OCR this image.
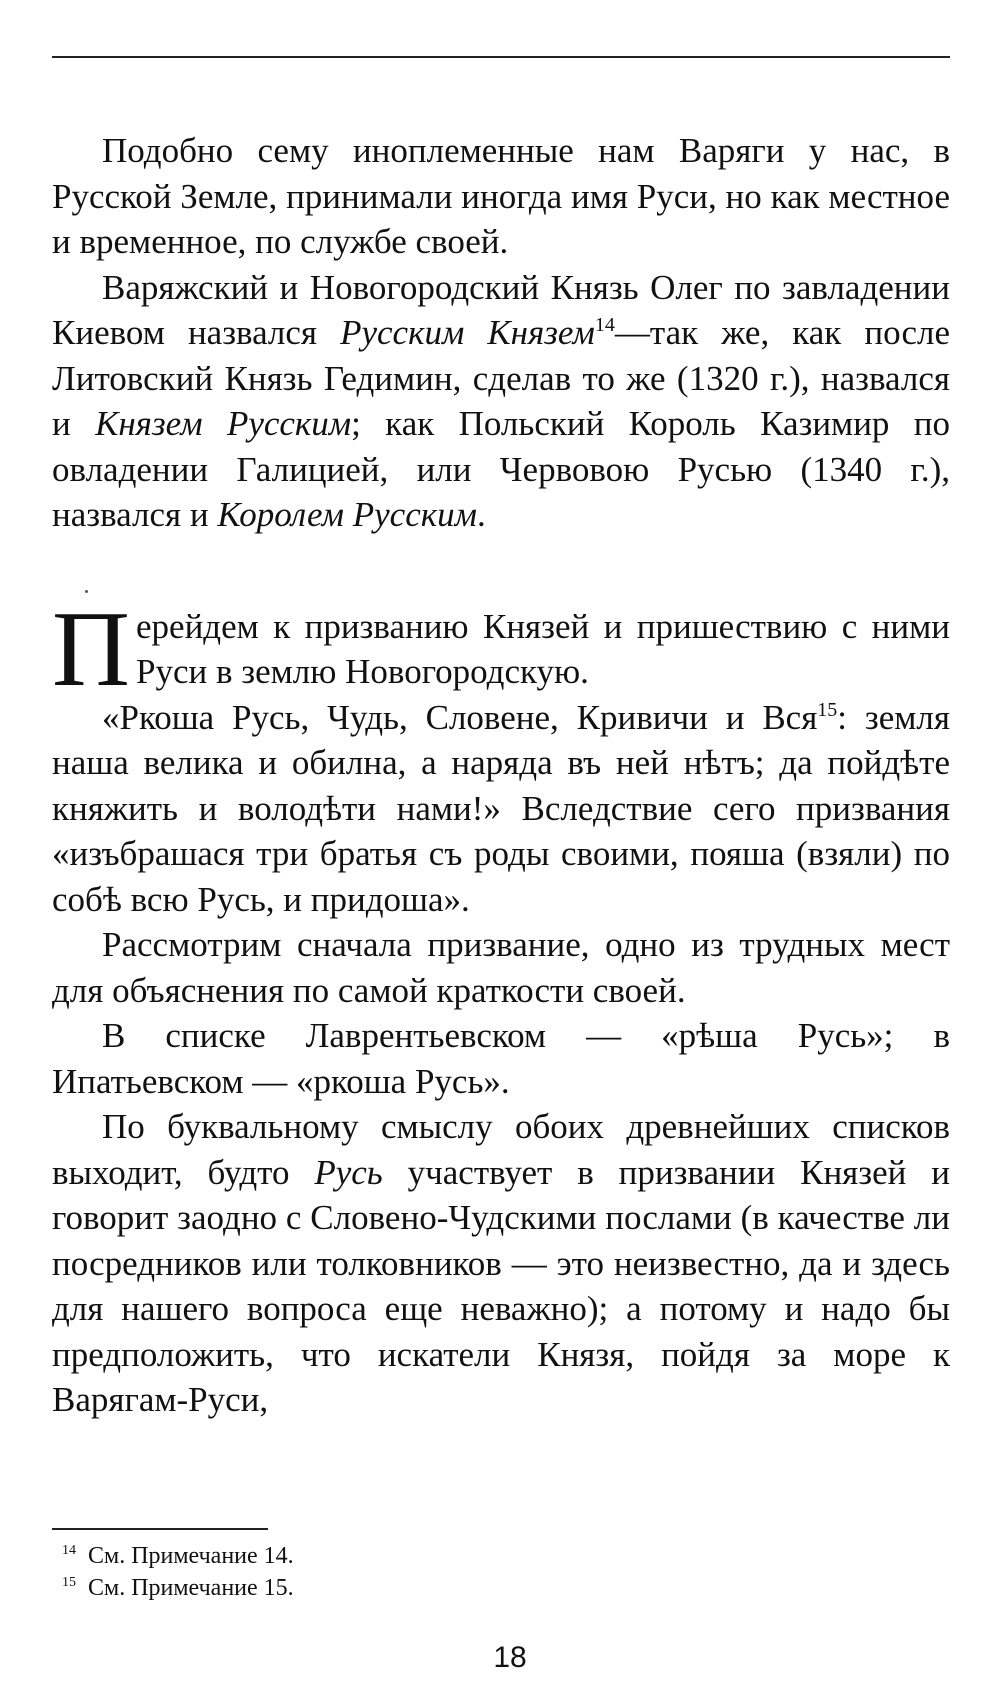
Подобно сему иноплеменные нам Варяги у нас, в Русской Земле, принимали иногда имя Руси, но как местное и временное, по службе своей.

Варяжский и Новогородский Князь Олег по завладении Киевом назвался Русским Князем$^{14}$—так же, как после Литовский Князь Гедимин, сделав то же (1320 г.), назвался и Князем Русским; как Польский Король Казимир по овладении Галицией, или Червовою Русью (1340 г.), назвался и Королем Русским.

Перейдем к призванию Князей и пришествию с ними Руси в землю Новогородскую.

«Ркоша Русь, Чудь, Словене, Кривичи и Вся$^{15}$: земля наша велика и обилна, а наряда въ ней нѣтъ; да пойдѣте княжить и володѣти нами!» Вследствие сего призвания «изъбрашася три братья съ роды своими, пояша (взяли) по собѣ всю Русь, и придоша».

Рассмотрим сначала призвание, одно из трудных мест для объяснения по самой краткости своей.

В списке Лаврентьевском — «рѣша Русь»; в Ипатьевском — «ркоша Русь».

По буквальному смыслу обоих древнейших списков выходит, будто Русь участвует в призвании Князей и говорит заодно с Словено-Чудскими послами (в качестве ли посредников или толковников — это неизвестно, да и здесь для нашего вопроса еще неважно); а потому и надо бы предположить, что искатели Князя, пойдя за море к Варягам-Руси,

$^{14}$ См. Примечание 14.

$^{15}$ См. Примечание 15.

18
